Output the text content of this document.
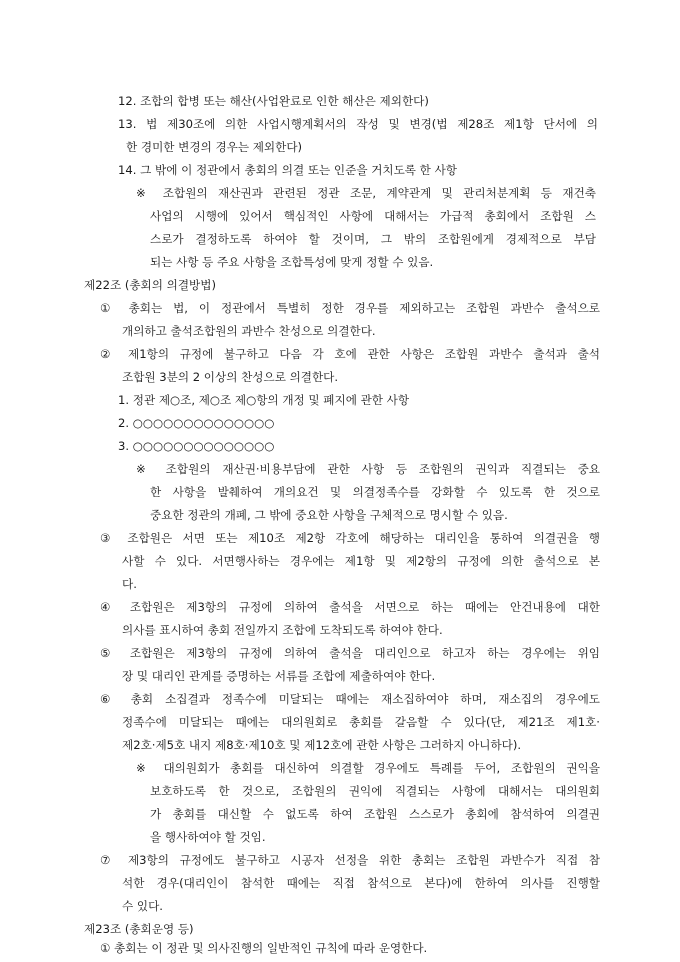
12. 조합의 합병 또는 해산(사업완료로 인한 해산은 제외한다)
13. 법 제30조에 의한 사업시행계획서의 작성 및 변경(법 제28조 제1항 단서에 의
한 경미한 변경의 경우는 제외한다)
14. 그 밖에 이 정관에서 총회의 의결 또는 인준을 거치도록 한 사항
※ 조합원의 재산권과 관련된 정관 조문, 계약관계 및 관리처분계획 등 재건축
사업의 시행에 있어서 핵심적인 사항에 대해서는 가급적 총회에서 조합원 스
스로가 결정하도록 하여야 할 것이며, 그 밖의 조합원에게 경제적으로 부담
되는 사항 등 주요 사항을 조합특성에 맞게 정할 수 있음.
제22조 (총회의 의결방법)
① 총회는 법, 이 정관에서 특별히 정한 경우를 제외하고는 조합원 과반수 출석으로
개의하고 출석조합원의 과반수 찬성으로 의결한다.
② 제1항의 규정에 불구하고 다음 각 호에 관한 사항은 조합원 과반수 출석과 출석
조합원 3분의 2 이상의 찬성으로 의결한다.
1. 정관 제○조, 제○조 제○항의 개정 및 폐지에 관한 사항
2. ○○○○○○○○○○○○○○
3. ○○○○○○○○○○○○○○
※ 조합원의 재산권·비용부담에 관한 사항 등 조합원의 권익과 직결되는 중요
한 사항을 발췌하여 개의요건 및 의결정족수를 강화할 수 있도록 한 것으로
중요한 정관의 개폐, 그 밖에 중요한 사항을 구체적으로 명시할 수 있음.
③ 조합원은 서면 또는 제10조 제2항 각호에 해당하는 대리인을 통하여 의결권을 행
사할 수 있다. 서면행사하는 경우에는 제1항 및 제2항의 규정에 의한 출석으로 본
다.
④ 조합원은 제3항의 규정에 의하여 출석을 서면으로 하는 때에는 안건내용에 대한
의사를 표시하여 총회 전일까지 조합에 도착되도록 하여야 한다.
⑤ 조합원은 제3항의 규정에 의하여 출석을 대리인으로 하고자 하는 경우에는 위임
장 및 대리인 관계를 증명하는 서류를 조합에 제출하여야 한다.
⑥ 총회 소집결과 정족수에 미달되는 때에는 재소집하여야 하며, 재소집의 경우에도
정족수에 미달되는 때에는 대의원회로 총회를 갈음할 수 있다(단, 제21조 제1호·
제2호·제5호 내지 제8호·제10호 및 제12호에 관한 사항은 그러하지 아니하다).
※ 대의원회가 총회를 대신하여 의결할 경우에도 특례를 두어, 조합원의 권익을
보호하도록 한 것으로, 조합원의 권익에 직결되는 사항에 대해서는 대의원회
가 총회를 대신할 수 없도록 하여 조합원 스스로가 총회에 참석하여 의결권
을 행사하여야 할 것임.
⑦ 제3항의 규정에도 불구하고 시공자 선정을 위한 총회는 조합원 과반수가 직접 참
석한 경우(대리인이 참석한 때에는 직접 참석으로 본다)에 한하여 의사를 진행할
수 있다.
제23조 (총회운영 등)
① 총회는 이 정관 및 의사진행의 일반적인 규칙에 따라 운영한다.
